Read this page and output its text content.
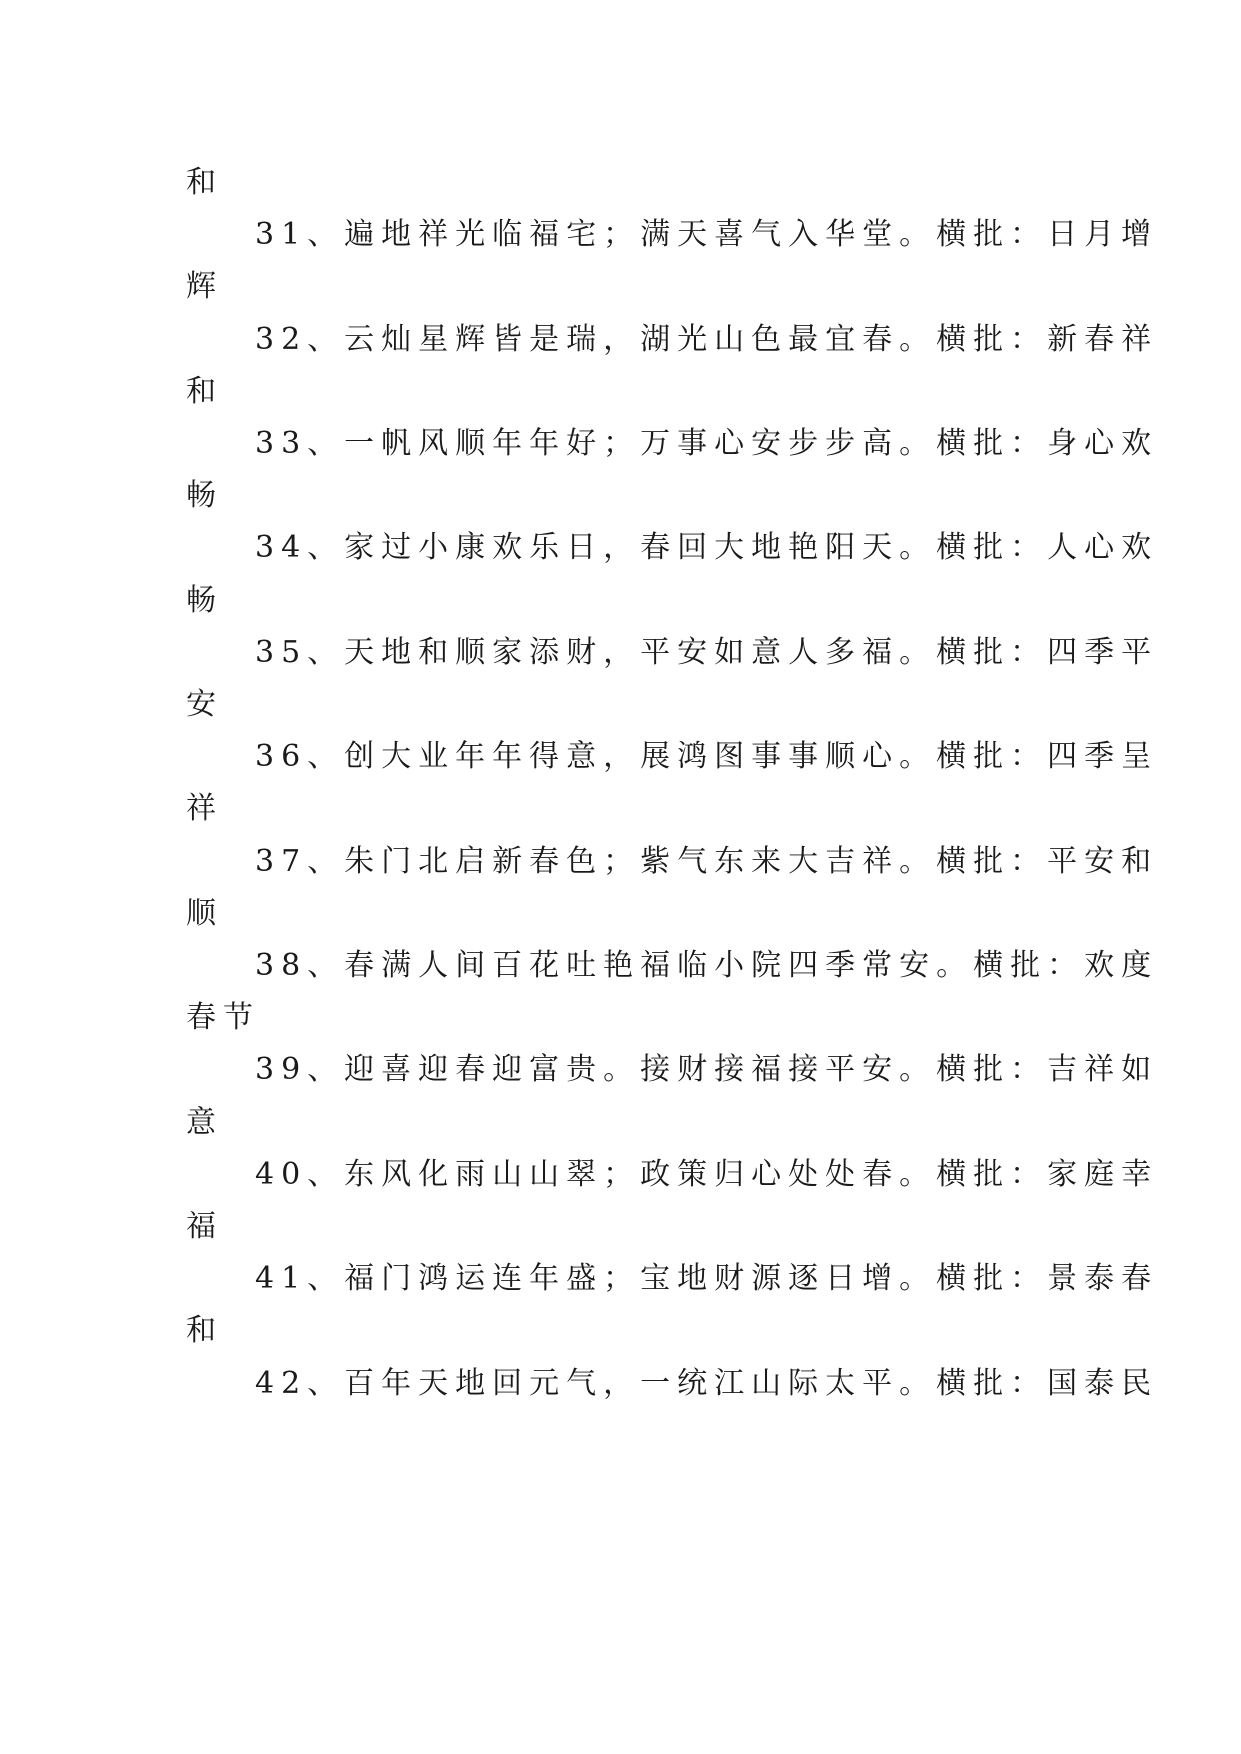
和
31、遍地祥光临福宅；满天喜气入华堂。横批：日月增
辉
32、云灿星辉皆是瑞，湖光山色最宜春。横批：新春祥
和
33、一帆风顺年年好；万事心安步步高。横批：身心欢
畅
34、家过小康欢乐日，春回大地艳阳天。横批：人心欢
畅
35、天地和顺家添财，平安如意人多福。横批：四季平
安
36、创大业年年得意，展鸿图事事顺心。横批：四季呈
祥
37、朱门北启新春色；紫气东来大吉祥。横批：平安和
顺
38、春满人间百花吐艳福临小院四季常安。横批：欢度
春节
39、迎喜迎春迎富贵。接财接福接平安。横批：吉祥如
意
40、东风化雨山山翠；政策归心处处春。横批：家庭幸
福
41、福门鸿运连年盛；宝地财源逐日增。横批：景泰春
和
42、百年天地回元气，一统江山际太平。横批：国泰民
